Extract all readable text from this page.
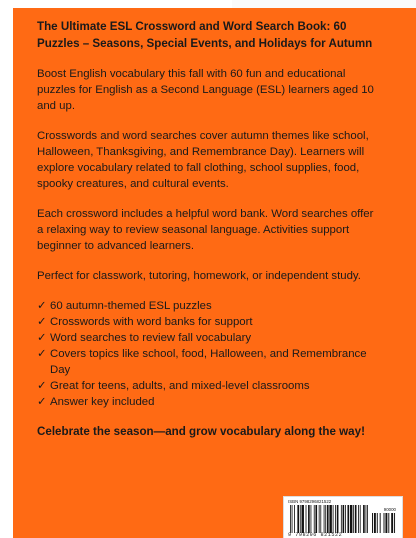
The Ultimate ESL Crossword and Word Search Book: 60 Puzzles – Seasons, Special Events, and Holidays for Autumn

Boost English vocabulary this fall with 60 fun and educational puzzles for English as a Second Language (ESL) learners aged 10 and up.

Crosswords and word searches cover autumn themes like school, Halloween, Thanksgiving, and Remembrance Day). Learners will explore vocabulary related to fall clothing, school supplies, food, spooky creatures, and cultural events.

Each crossword includes a helpful word bank. Word searches offer a relaxing way to review seasonal language. Activities support beginner to advanced learners.

Perfect for classwork, tutoring, homework, or independent study.

✓ 60 autumn-themed ESL puzzles
✓ Crosswords with word banks for support
✓ Word searches to review fall vocabulary
✓ Covers topics like school, food, Halloween, and Remembrance Day
✓ Great for teens, adults, and mixed-level classrooms
✓ Answer key included

Celebrate the season—and grow vocabulary along the way!

ISBN 9798296821522
90000
9 798296 821522
